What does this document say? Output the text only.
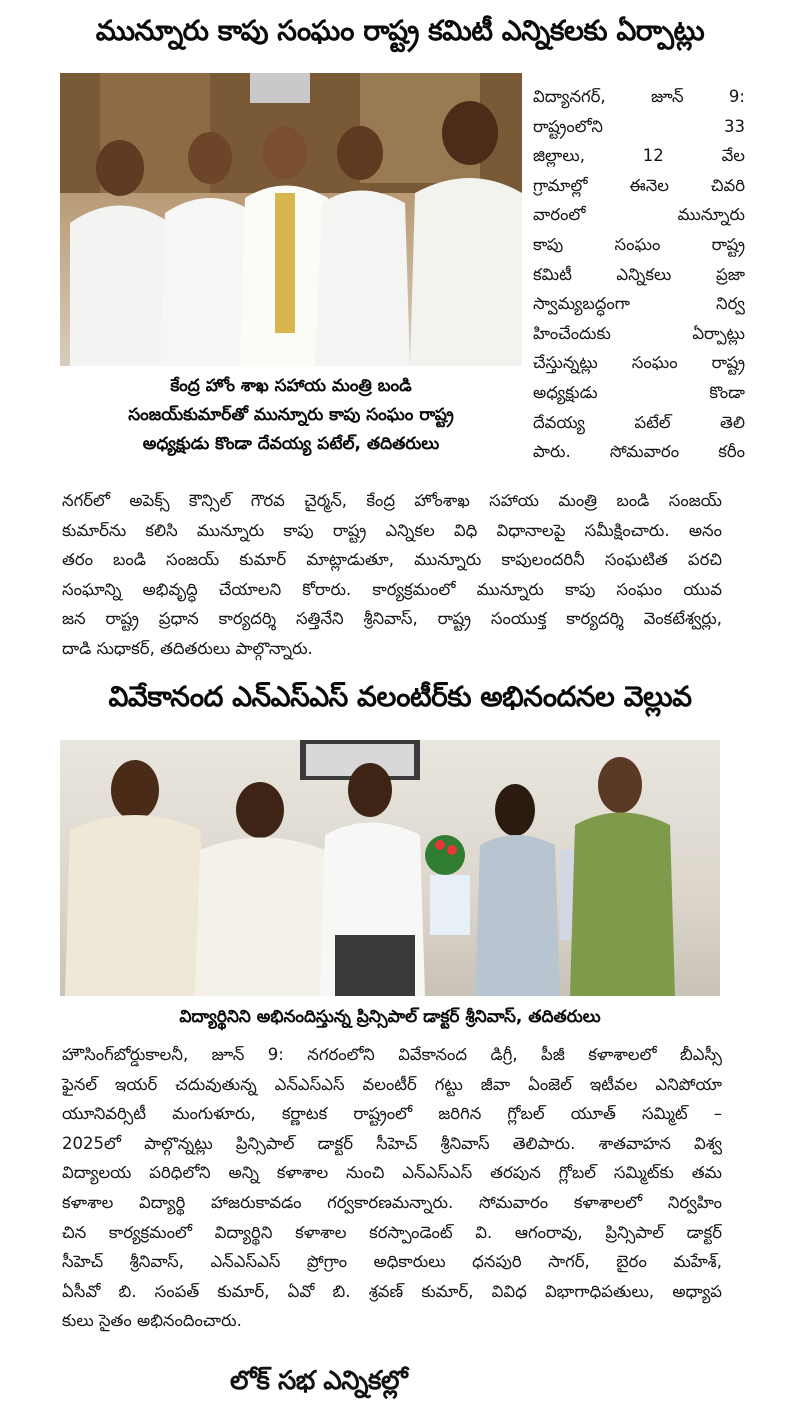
మున్నూరు కాపు సంఘం రాష్ట్ర కమిటీ ఎన్నికలకు ఏర్పాట్లు
కేంద్ర హోం శాఖ సహాయ మంత్రి బండి
సంజయ్‌కుమార్‌తో మున్నూరు కాపు సంఘం రాష్ట్ర
అధ్యక్షుడు కొండా దేవయ్య పటేల్, తదితరులు
విద్యానగర్, జూన్ 9:
రాష్ట్రంలోని 33
జిల్లాలు, 12 వేల
గ్రామాల్లో ఈనెల చివరి
వారంలో మున్నూరు
కాపు సంఘం రాష్ట్ర
కమిటీ ఎన్నికలు ప్రజా
స్వామ్యబద్ధంగా నిర్వ
హించేందుకు ఏర్పాట్లు
చేస్తున్నట్లు సంఘం రాష్ట్ర
అధ్యక్షుడు కొండా
దేవయ్య పటేల్ తెలి
పారు. సోమవారం కరీం
నగర్‌లో అపెక్స్ కౌన్సిల్ గౌరవ చైర్మన్, కేంద్ర హోంశాఖ సహాయ మంత్రి బండి సంజయ్
కుమార్‌ను కలిసి మున్నూరు కాపు రాష్ట్ర ఎన్నికల విధి విధానాలపై సమీక్షించారు. అనం
తరం బండి సంజయ్ కుమార్ మాట్లాడుతూ, మున్నూరు కాపులందరినీ సంఘటిత పరచి
సంఘాన్ని అభివృద్ధి చేయాలని కోరారు. కార్యక్రమంలో మున్నూరు కాపు సంఘం యువ
జన రాష్ట్ర ప్రధాన కార్యదర్శి సత్తినేని శ్రీనివాస్, రాష్ట్ర సంయుక్త కార్యదర్శి వెంకటేశ్వర్లు,
దాడి సుధాకర్, తదితరులు పాల్గొన్నారు.
వివేకానంద ఎన్ఎస్ఎస్ వలంటీర్‌కు అభినందనల వెల్లువ
విద్యార్థినిని అభినందిస్తున్న ప్రిన్సిపాల్ డాక్టర్ శ్రీనివాస్, తదితరులు
హౌసింగ్‌బోర్డుకాలనీ, జూన్ 9: నగరంలోని వివేకానంద డిగ్రీ, పీజీ కళాశాలలో బీఎస్సీ
ఫైనల్ ఇయర్ చదువుతున్న ఎన్ఎస్ఎస్ వలంటీర్ గట్టు జీవా ఏంజెల్ ఇటీవల ఎనిపోయా
యూనివర్సిటీ మంగుళూరు, కర్ణాటక రాష్ట్రంలో జరిగిన గ్లోబల్ యూత్ సమ్మిట్ –
2025లో పాల్గొన్నట్లు ప్రిన్సిపాల్ డాక్టర్ సీహెచ్ శ్రీనివాస్ తెలిపారు. శాతవాహన విశ్వ
విద్యాలయ పరిధిలోని అన్ని కళాశాల నుంచి ఎన్ఎస్ఎస్ తరపున గ్లోబల్ సమ్మిట్‌కు తమ
కళాశాల విద్యార్థి హాజరుకావడం గర్వకారణమన్నారు. సోమవారం కళాశాలలో నిర్వహిం
చిన కార్యక్రమంలో విద్యార్థిని కళాశాల కరస్పాండెంట్ వి. ఆగంరావు, ప్రిన్సిపాల్ డాక్టర్
సీహెచ్ శ్రీనివాస్, ఎన్ఎస్ఎస్ ప్రోగ్రాం అధికారులు ధనపురి సాగర్, బైరం మహేశ్,
ఏసీవో బి. సంపత్ కుమార్, ఏవో బి. శ్రవణ్ కుమార్, వివిధ విభాగాధిపతులు, అధ్యాప
కులు సైతం అభినందించారు.
లోక్ సభ ఎన్నికల్లో
